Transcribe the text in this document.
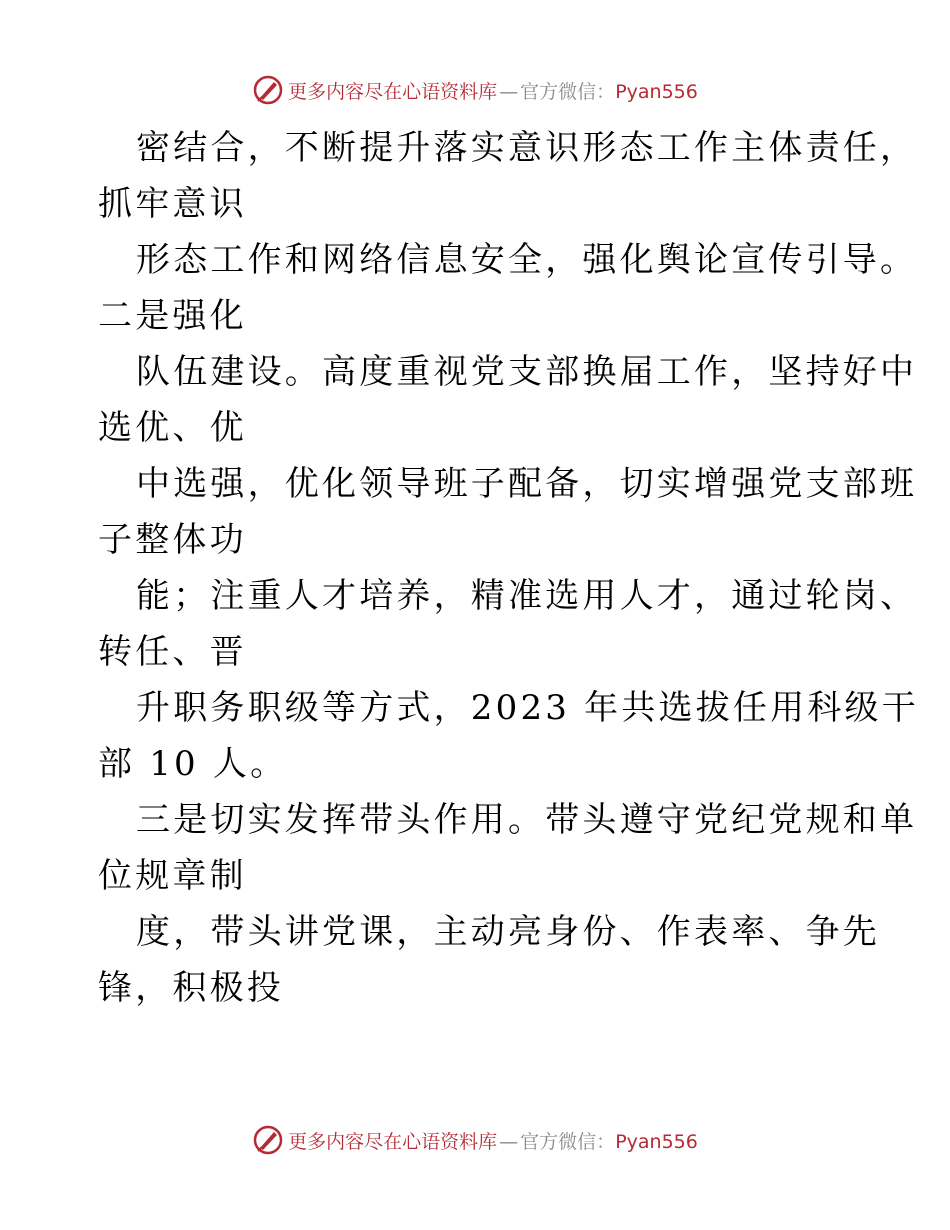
更多内容尽在心语资料库 — 官方微信：Pyan556
密结合，不断提升落实意识形态工作主体责任，
抓牢意识
形态工作和网络信息安全，强化舆论宣传引导。
二是强化
队伍建设。高度重视党支部换届工作，坚持好中
选优、优
中选强，优化领导班子配备，切实增强党支部班
子整体功
能；注重人才培养，精准选用人才，通过轮岗、
转任、晋
升职务职级等方式，2023 年共选拔任用科级干
部 10 人。
三是切实发挥带头作用。带头遵守党纪党规和单
位规章制
度，带头讲党课，主动亮身份、作表率、争先
锋，积极投
更多内容尽在心语资料库 — 官方微信：Pyan556
